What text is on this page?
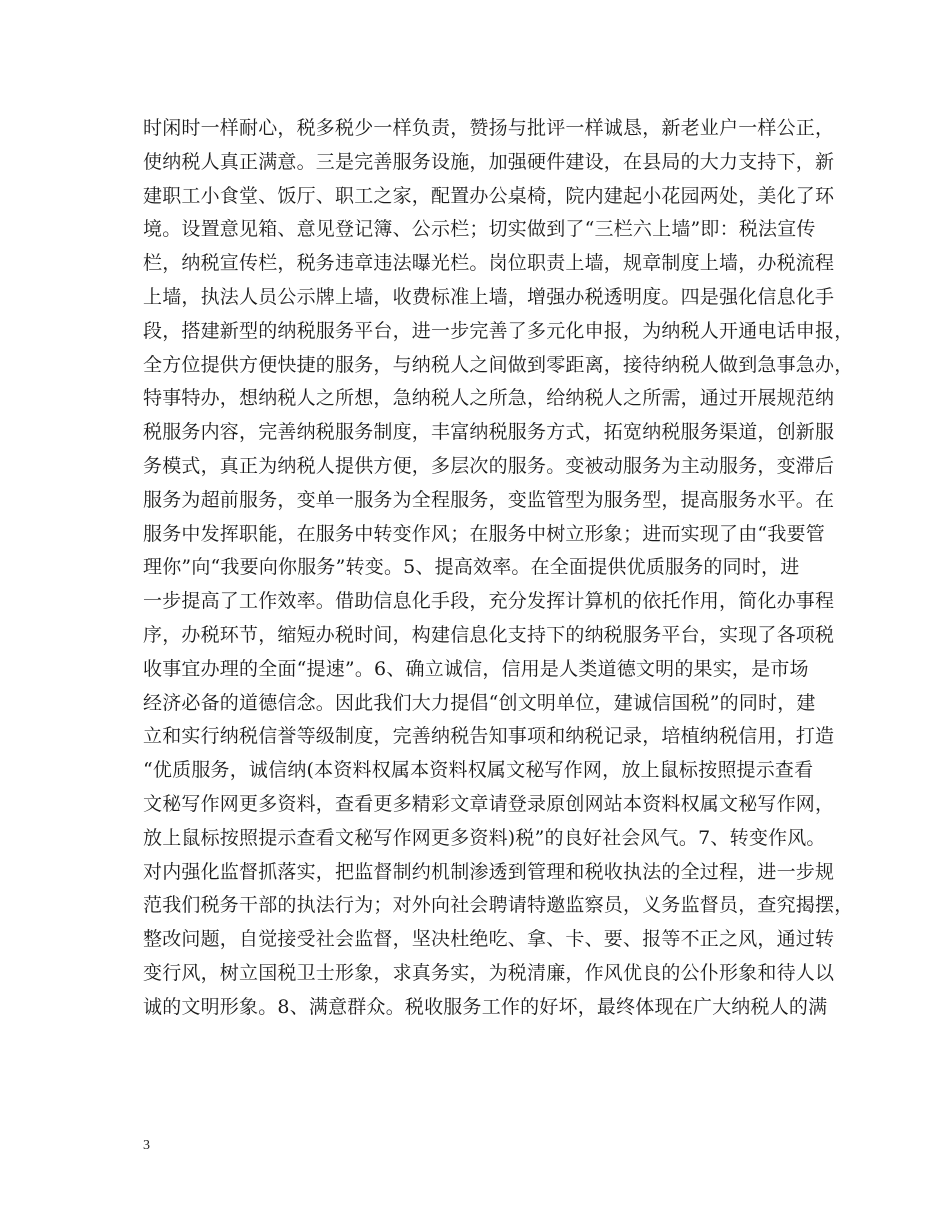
时闲时一样耐心，税多税少一样负责，赞扬与批评一样诚恳，新老业户一样公正，
使纳税人真正满意。三是完善服务设施，加强硬件建设，在县局的大力支持下，新
建职工小食堂、饭厅、职工之家，配置办公桌椅，院内建起小花园两处，美化了环
境。设置意见箱、意见登记簿、公示栏；切实做到了“三栏六上墙”即：税法宣传
栏，纳税宣传栏，税务违章违法曝光栏。岗位职责上墙，规章制度上墙，办税流程
上墙，执法人员公示牌上墙，收费标准上墙，增强办税透明度。四是强化信息化手
段，搭建新型的纳税服务平台，进一步完善了多元化申报，为纳税人开通电话申报，
全方位提供方便快捷的服务，与纳税人之间做到零距离，接待纳税人做到急事急办，
特事特办，想纳税人之所想，急纳税人之所急，给纳税人之所需，通过开展规范纳
税服务内容，完善纳税服务制度，丰富纳税服务方式，拓宽纳税服务渠道，创新服
务模式，真正为纳税人提供方便，多层次的服务。变被动服务为主动服务，变滞后
服务为超前服务，变单一服务为全程服务，变监管型为服务型，提高服务水平。在
服务中发挥职能，在服务中转变作风；在服务中树立形象；进而实现了由“我要管
理你”向“我要向你服务”转变。5、提高效率。在全面提供优质服务的同时，进
一步提高了工作效率。借助信息化手段，充分发挥计算机的依托作用，简化办事程
序，办税环节，缩短办税时间，构建信息化支持下的纳税服务平台，实现了各项税
收事宜办理的全面“提速”。6、确立诚信，信用是人类道德文明的果实，是市场
经济必备的道德信念。因此我们大力提倡“创文明单位，建诚信国税”的同时，建
立和实行纳税信誉等级制度，完善纳税告知事项和纳税记录，培植纳税信用，打造
“优质服务，诚信纳(本资料权属本资料权属文秘写作网，放上鼠标按照提示查看
文秘写作网更多资料，查看更多精彩文章请登录原创网站本资料权属文秘写作网，
放上鼠标按照提示查看文秘写作网更多资料)税”的良好社会风气。7、转变作风。
对内强化监督抓落实，把监督制约机制渗透到管理和税收执法的全过程，进一步规
范我们税务干部的执法行为；对外向社会聘请特邀监察员，义务监督员，查究揭摆，
整改问题，自觉接受社会监督，坚决杜绝吃、拿、卡、要、报等不正之风，通过转
变行风，树立国税卫士形象，求真务实，为税清廉，作风优良的公仆形象和待人以
诚的文明形象。8、满意群众。税收服务工作的好坏，最终体现在广大纳税人的满
3
